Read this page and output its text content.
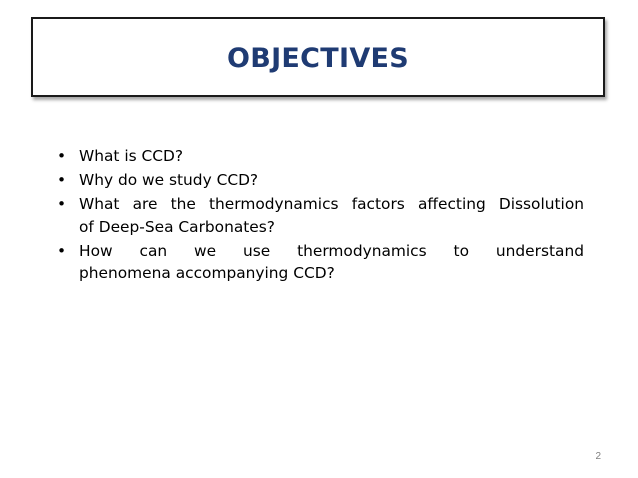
OBJECTIVES
• What is CCD?
• Why do we study CCD?
• What are the thermodynamics factors affecting Dissolution
of Deep-Sea Carbonates?
• How can we use thermodynamics to understand
phenomena accompanying CCD?
2
